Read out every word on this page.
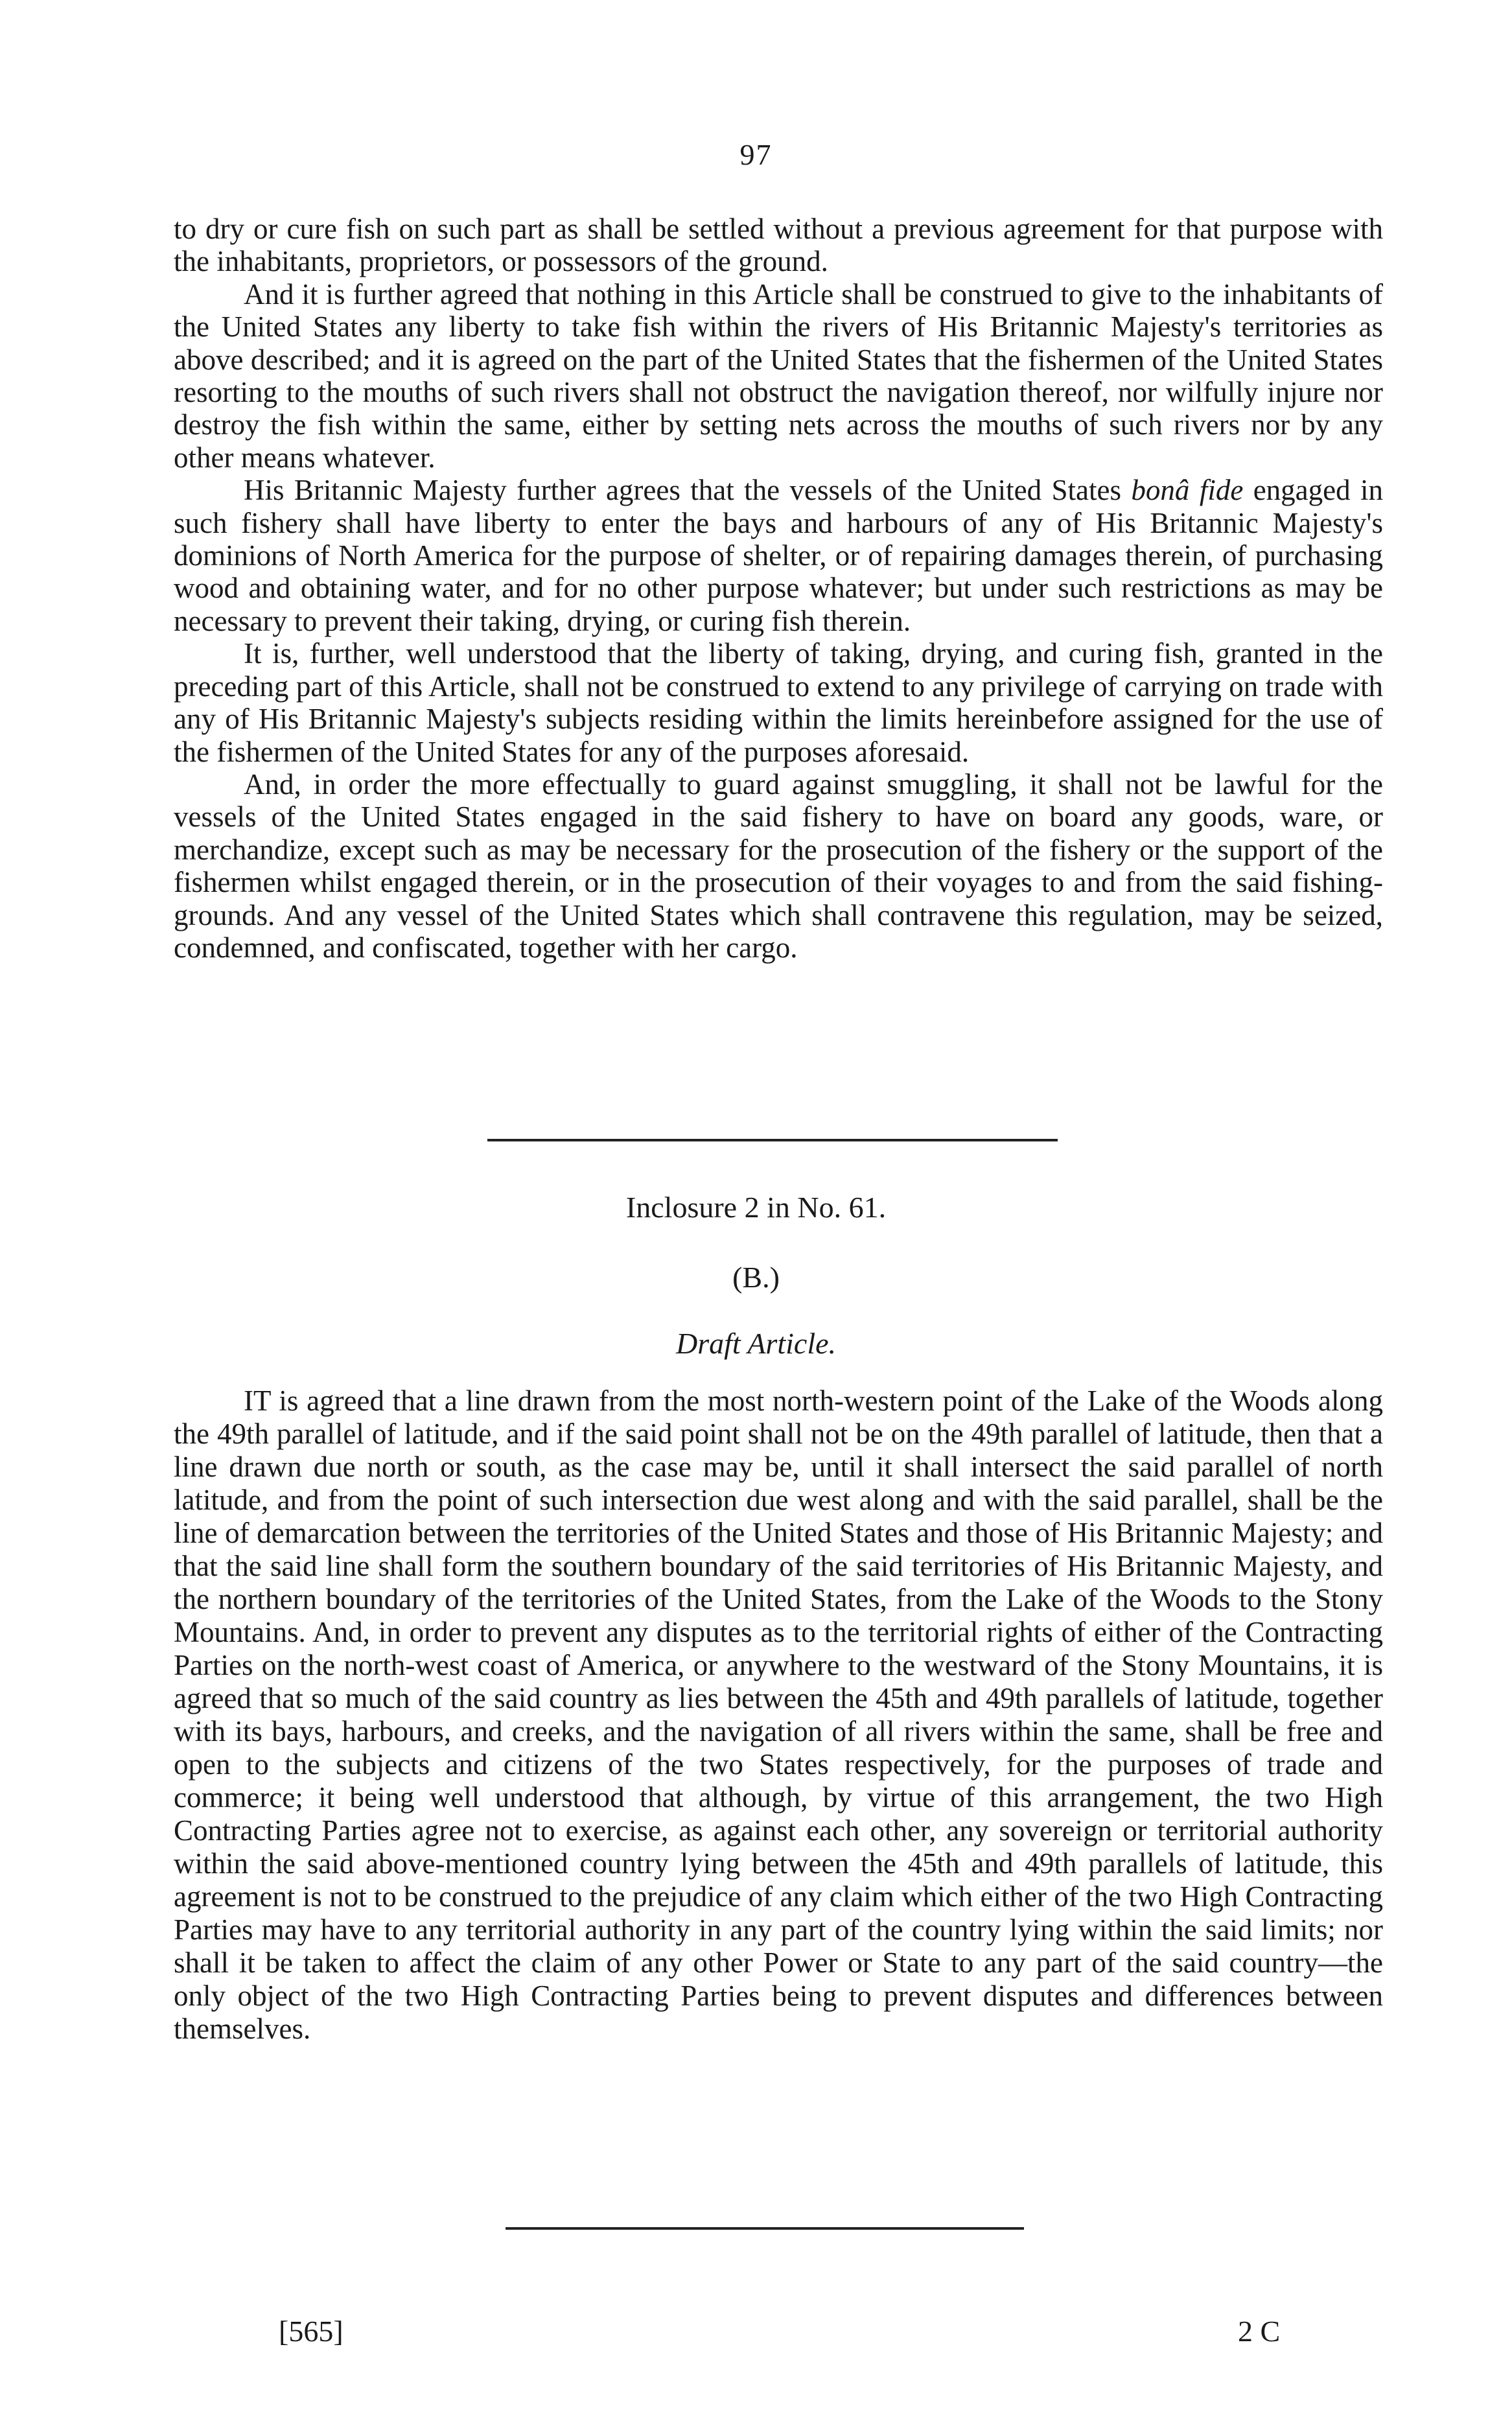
97

to dry or cure fish on such part as shall be settled without a previous agreement for that purpose with the inhabitants, proprietors, or possessors of the ground.

And it is further agreed that nothing in this Article shall be construed to give to the inhabitants of the United States any liberty to take fish within the rivers of His Britannic Majesty's territories as above described; and it is agreed on the part of the United States that the fishermen of the United States resorting to the mouths of such rivers shall not obstruct the navigation thereof, nor wilfully injure nor destroy the fish within the same, either by setting nets across the mouths of such rivers nor by any other means whatever.

His Britannic Majesty further agrees that the vessels of the United States bonâ fide engaged in such fishery shall have liberty to enter the bays and harbours of any of His Britannic Majesty's dominions of North America for the purpose of shelter, or of repairing damages therein, of purchasing wood and obtaining water, and for no other purpose whatever; but under such restrictions as may be necessary to prevent their taking, drying, or curing fish therein.

It is, further, well understood that the liberty of taking, drying, and curing fish, granted in the preceding part of this Article, shall not be construed to extend to any privilege of carrying on trade with any of His Britannic Majesty's subjects residing within the limits hereinbefore assigned for the use of the fishermen of the United States for any of the purposes aforesaid.

And, in order the more effectually to guard against smuggling, it shall not be lawful for the vessels of the United States engaged in the said fishery to have on board any goods, ware, or merchandize, except such as may be necessary for the prosecution of the fishery or the support of the fishermen whilst engaged therein, or in the prosecution of their voyages to and from the said fishing-grounds. And any vessel of the United States which shall contravene this regulation, may be seized, condemned, and confiscated, together with her cargo.

Inclosure 2 in No. 61.
(B.)
Draft Article.

IT is agreed that a line drawn from the most north-western point of the Lake of the Woods along the 49th parallel of latitude, and if the said point shall not be on the 49th parallel of latitude, then that a line drawn due north or south, as the case may be, until it shall intersect the said parallel of north latitude, and from the point of such intersection due west along and with the said parallel, shall be the line of demarcation between the territories of the United States and those of His Britannic Majesty; and that the said line shall form the southern boundary of the said territories of His Britannic Majesty, and the northern boundary of the territories of the United States, from the Lake of the Woods to the Stony Mountains. And, in order to prevent any disputes as to the territorial rights of either of the Contracting Parties on the north-west coast of America, or anywhere to the westward of the Stony Mountains, it is agreed that so much of the said country as lies between the 45th and 49th parallels of latitude, together with its bays, harbours, and creeks, and the navigation of all rivers within the same, shall be free and open to the subjects and citizens of the two States respectively, for the purposes of trade and commerce; it being well understood that although, by virtue of this arrangement, the two High Contracting Parties agree not to exercise, as against each other, any sovereign or territorial authority within the said above-mentioned country lying between the 45th and 49th parallels of latitude, this agreement is not to be construed to the prejudice of any claim which either of the two High Contracting Parties may have to any territorial authority in any part of the country lying within the said limits; nor shall it be taken to affect the claim of any other Power or State to any part of the said country—the only object of the two High Contracting Parties being to prevent disputes and differences between themselves.

[565]	2 C
